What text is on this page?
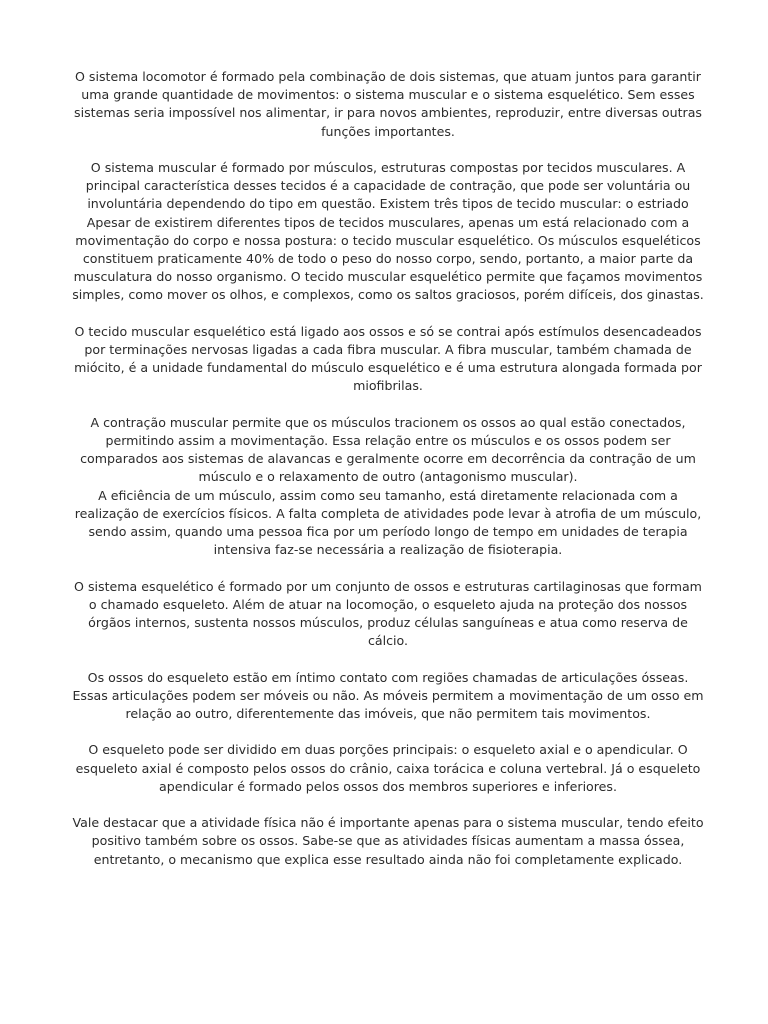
O sistema locomotor é formado pela combinação de dois sistemas, que atuam juntos para garantir uma grande quantidade de movimentos: o sistema muscular e o sistema esquelético. Sem esses sistemas seria impossível nos alimentar, ir para novos ambientes, reproduzir, entre diversas outras funções importantes.

O sistema muscular é formado por músculos, estruturas compostas por tecidos musculares. A principal característica desses tecidos é a capacidade de contração, que pode ser voluntária ou involuntária dependendo do tipo em questão. Existem três tipos de tecido muscular: o estriado Apesar de existirem diferentes tipos de tecidos musculares, apenas um está relacionado com a movimentação do corpo e nossa postura: o tecido muscular esquelético. Os músculos esqueléticos constituem praticamente 40% de todo o peso do nosso corpo, sendo, portanto, a maior parte da musculatura do nosso organismo. O tecido muscular esquelético permite que façamos movimentos simples, como mover os olhos, e complexos, como os saltos graciosos, porém difíceis, dos ginastas.

O tecido muscular esquelético está ligado aos ossos e só se contrai após estímulos desencadeados por terminações nervosas ligadas a cada fibra muscular. A fibra muscular, também chamada de miócito, é a unidade fundamental do músculo esquelético e é uma estrutura alongada formada por miofibrilas.

A contração muscular permite que os músculos tracionem os ossos ao qual estão conectados, permitindo assim a movimentação. Essa relação entre os músculos e os ossos podem ser comparados aos sistemas de alavancas e geralmente ocorre em decorrência da contração de um músculo e o relaxamento de outro (antagonismo muscular).

A eficiência de um músculo, assim como seu tamanho, está diretamente relacionada com a realização de exercícios físicos. A falta completa de atividades pode levar à atrofia de um músculo, sendo assim, quando uma pessoa fica por um período longo de tempo em unidades de terapia intensiva faz-se necessária a realização de fisioterapia.

O sistema esquelético é formado por um conjunto de ossos e estruturas cartilaginosas que formam o chamado esqueleto. Além de atuar na locomoção, o esqueleto ajuda na proteção dos nossos órgãos internos, sustenta nossos músculos, produz células sanguíneas e atua como reserva de cálcio.

Os ossos do esqueleto estão em íntimo contato com regiões chamadas de articulações ósseas. Essas articulações podem ser móveis ou não. As móveis permitem a movimentação de um osso em relação ao outro, diferentemente das imóveis, que não permitem tais movimentos.

O esqueleto pode ser dividido em duas porções principais: o esqueleto axial e o apendicular. O esqueleto axial é composto pelos ossos do crânio, caixa torácica e coluna vertebral. Já o esqueleto apendicular é formado pelos ossos dos membros superiores e inferiores.

Vale destacar que a atividade física não é importante apenas para o sistema muscular, tendo efeito positivo também sobre os ossos. Sabe-se que as atividades físicas aumentam a massa óssea, entretanto, o mecanismo que explica esse resultado ainda não foi completamente explicado.
